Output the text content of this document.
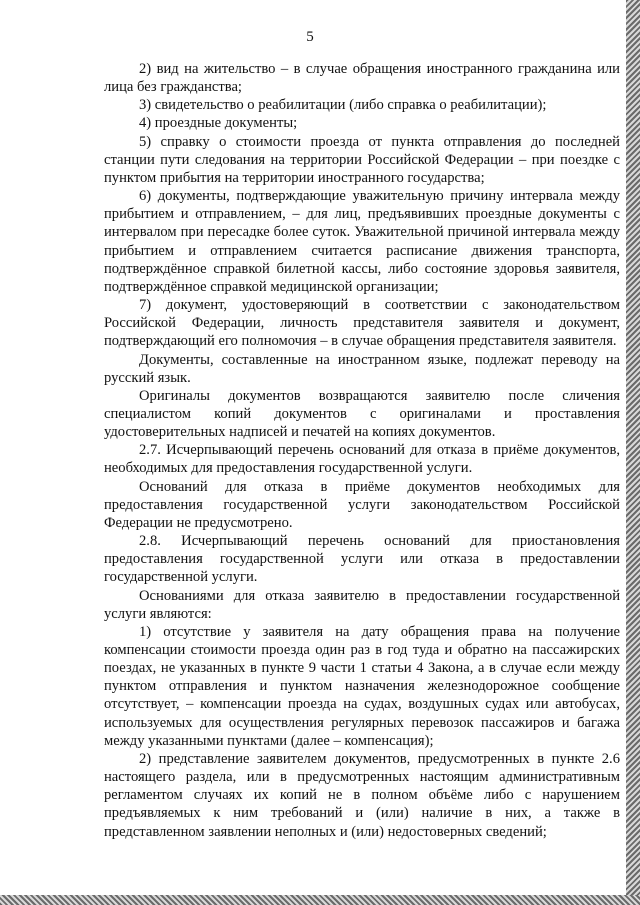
5

2) вид на жительство – в случае обращения иностранного гражданина или лица без гражданства;

3) свидетельство о реабилитации (либо справка о реабилитации);

4) проездные документы;

5) справку о стоимости проезда от пункта отправления до последней станции пути следования на территории Российской Федерации – при поездке с пунктом прибытия на территории иностранного государства;

6) документы, подтверждающие уважительную причину интервала между прибытием и отправлением, – для лиц, предъявивших проездные документы с интервалом при пересадке более суток. Уважительной причиной интервала между прибытием и отправлением считается расписание движения транспорта, подтверждённое справкой билетной кассы, либо состояние здоровья заявителя, подтверждённое справкой медицинской организации;

7) документ, удостоверяющий в соответствии с законодательством Российской Федерации, личность представителя заявителя и документ, подтверждающий его полномочия – в случае обращения представителя заявителя.

Документы, составленные на иностранном языке, подлежат переводу на русский язык.

Оригиналы документов возвращаются заявителю после сличения специалистом копий документов с оригиналами и проставления удостоверительных надписей и печатей на копиях документов.

2.7. Исчерпывающий перечень оснований для отказа в приёме документов, необходимых для предоставления государственной услуги.

Оснований для отказа в приёме документов необходимых для предоставления государственной услуги законодательством Российской Федерации не предусмотрено.

2.8. Исчерпывающий перечень оснований для приостановления предоставления государственной услуги или отказа в предоставлении государственной услуги.

Основаниями для отказа заявителю в предоставлении государственной услуги являются:

1) отсутствие у заявителя на дату обращения права на получение компенсации стоимости проезда один раз в год туда и обратно на пассажирских поездах, не указанных в пункте 9 части 1 статьи 4 Закона, а в случае если между пунктом отправления и пунктом назначения железнодорожное сообщение отсутствует, – компенсации проезда на судах, воздушных судах или автобусах, используемых для осуществления регулярных перевозок пассажиров и багажа между указанными пунктами (далее – компенсация);

2) представление заявителем документов, предусмотренных в пункте 2.6 настоящего раздела, или в предусмотренных настоящим административным регламентом случаях их копий не в полном объёме либо с нарушением предъявляемых к ним требований и (или) наличие в них, а также в представленном заявлении неполных и (или) недостоверных сведений;
